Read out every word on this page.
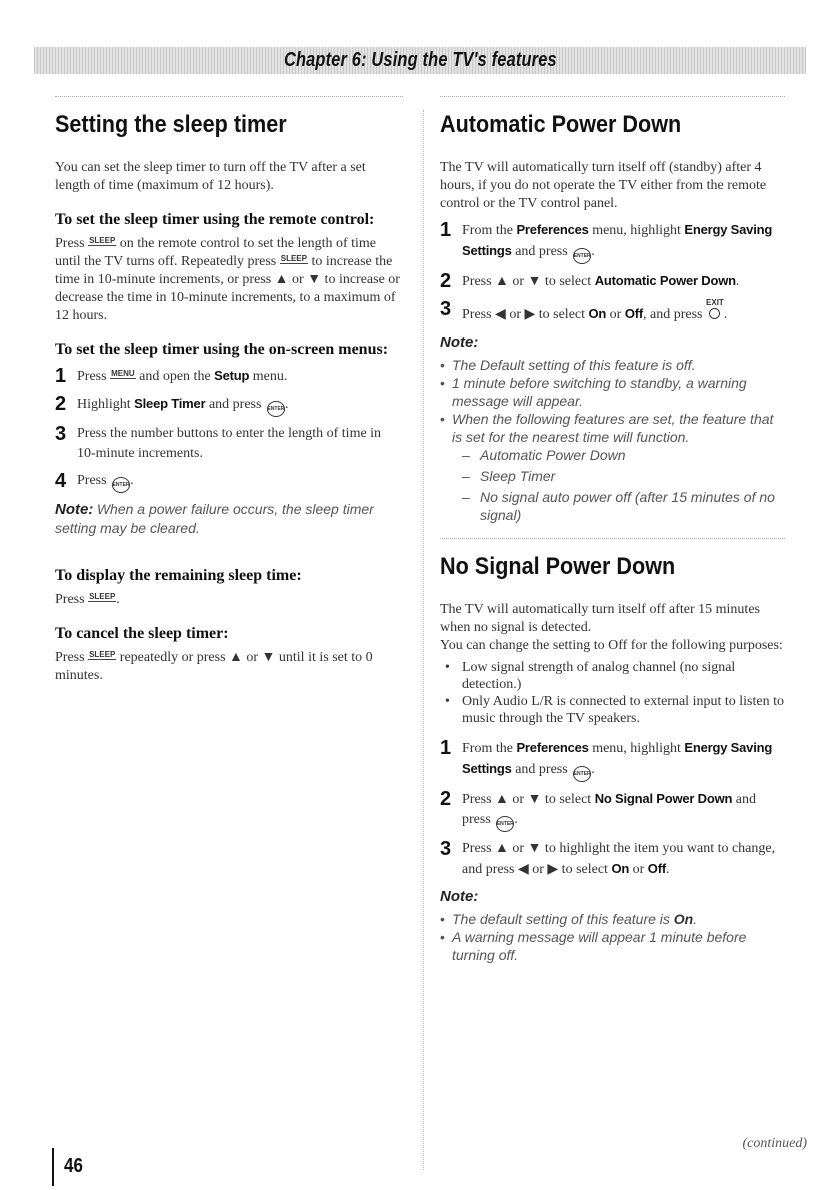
Chapter 6: Using the TV's features
Setting the sleep timer

You can set the sleep timer to turn off the TV after a set length of time (maximum of 12 hours).

To set the sleep timer using the remote control:

Press SLEEP on the remote control to set the length of time until the TV turns off. Repeatedly press SLEEP to increase the time in 10-minute increments, or press ▲ or ▼ to increase or decrease the time in 10-minute increments, to a maximum of 12 hours.

To set the sleep timer using the on-screen menus:
1 Press MENU and open the Setup menu.
2 Highlight Sleep Timer and press ENTER.
3 Press the number buttons to enter the length of time in 10-minute increments.
4 Press ENTER.

Note: When a power failure occurs, the sleep timer setting may be cleared.

To display the remaining sleep time:

Press SLEEP.

To cancel the sleep timer:

Press SLEEP repeatedly or press ▲ or ▼ until it is set to 0 minutes.

Automatic Power Down

The TV will automatically turn itself off (standby) after 4 hours, if you do not operate the TV either from the remote control or the TV control panel.

1 From the Preferences menu, highlight Energy Saving Settings and press ENTER.
2 Press ▲ or ▼ to select Automatic Power Down.
3 Press ◀ or ▶ to select On or Off, and press
EXIT
.
Note:
• The Default setting of this feature is off.
• 1 minute before switching to standby, a warning message will appear.
• When the following features are set, the feature that is set for the nearest time will function.
– Automatic Power Down
– Sleep Timer
– No signal auto power off (after 15 minutes of no signal)
No Signal Power Down

The TV will automatically turn itself off after 15 minutes when no signal is detected.

You can change the setting to Off for the following purposes:

• Low signal strength of analog channel (no signal detection.)
• Only Audio L/R is connected to external input to listen to music through the TV speakers.
1 From the Preferences menu, highlight Energy Saving Settings and press ENTER.
2 Press ▲ or ▼ to select No Signal Power Down and press ENTER.
3 Press ▲ or ▼ to highlight the item you want to change, and press ◀ or ▶ to select On or Off.
Note:
• The default setting of this feature is On.
• A warning message will appear 1 minute before turning off.
(continued)
46
